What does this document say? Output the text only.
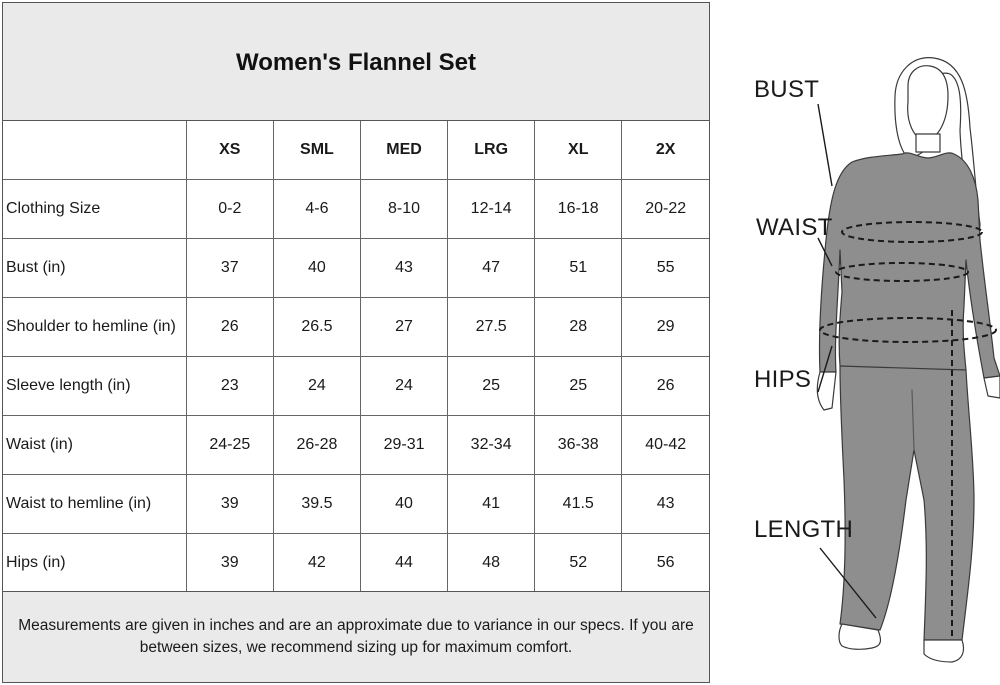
Women's Flannel Set
	XS	SML	MED	LRG	XL	2X
Clothing Size	0-2	4-6	8-10	12-14	16-18	20-22
Bust (in)	37	40	43	47	51	55
Shoulder to hemline (in)	26	26.5	27	27.5	28	29
Sleeve length (in)	23	24	24	25	25	26
Waist (in)	24-25	26-28	29-31	32-34	36-38	40-42
Waist to hemline (in)	39	39.5	40	41	41.5	43
Hips (in)	39	42	44	48	52	56
Measurements are given in inches and are an approximate due to variance in our specs. If you are between sizes, we recommend sizing up for maximum comfort.
BUST
WAIST
HIPS
LENGTH
